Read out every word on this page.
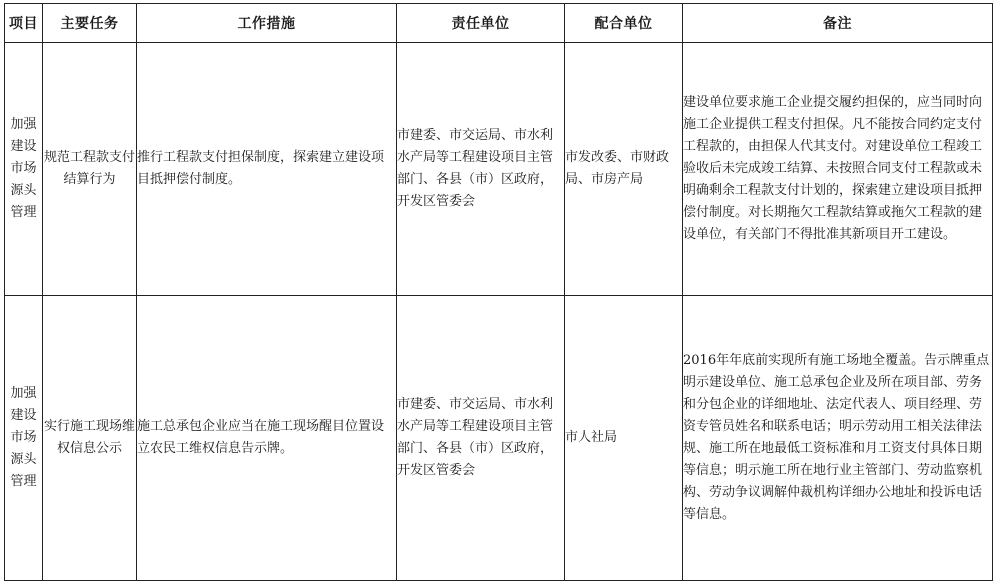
项目	主要任务	工作措施	责任单位	配合单位	备注
加强建设市场源头管理	规范工程款支付结算行为	推行工程款支付担保制度，探索建立建设项目抵押偿付制度。	市建委、市交运局、市水利水产局等工程建设项目主管部门、各县（市）区政府，开发区管委会	市发改委、市财政局、市房产局	建设单位要求施工企业提交履约担保的，应当同时向施工企业提供工程支付担保。凡不能按合同约定支付工程款的，由担保人代其支付。对建设单位工程竣工验收后未完成竣工结算、未按照合同支付工程款或未明确剩余工程款支付计划的，探索建立建设项目抵押偿付制度。对长期拖欠工程款结算或拖欠工程款的建设单位，有关部门不得批准其新项目开工建设。
加强建设市场源头管理	实行施工现场维权信息公示	施工总承包企业应当在施工现场醒目位置设立农民工维权信息告示牌。	市建委、市交运局、市水利水产局等工程建设项目主管部门、各县（市）区政府，开发区管委会	市人社局	2016年年底前实现所有施工场地全覆盖。告示牌重点明示建设单位、施工总承包企业及所在项目部、劳务和分包企业的详细地址、法定代表人、项目经理、劳资专管员姓名和联系电话；明示劳动用工相关法律法规、施工所在地最低工资标准和月工资支付具体日期等信息；明示施工所在地行业主管部门、劳动监察机构、劳动争议调解仲裁机构详细办公地址和投诉电话等信息。
